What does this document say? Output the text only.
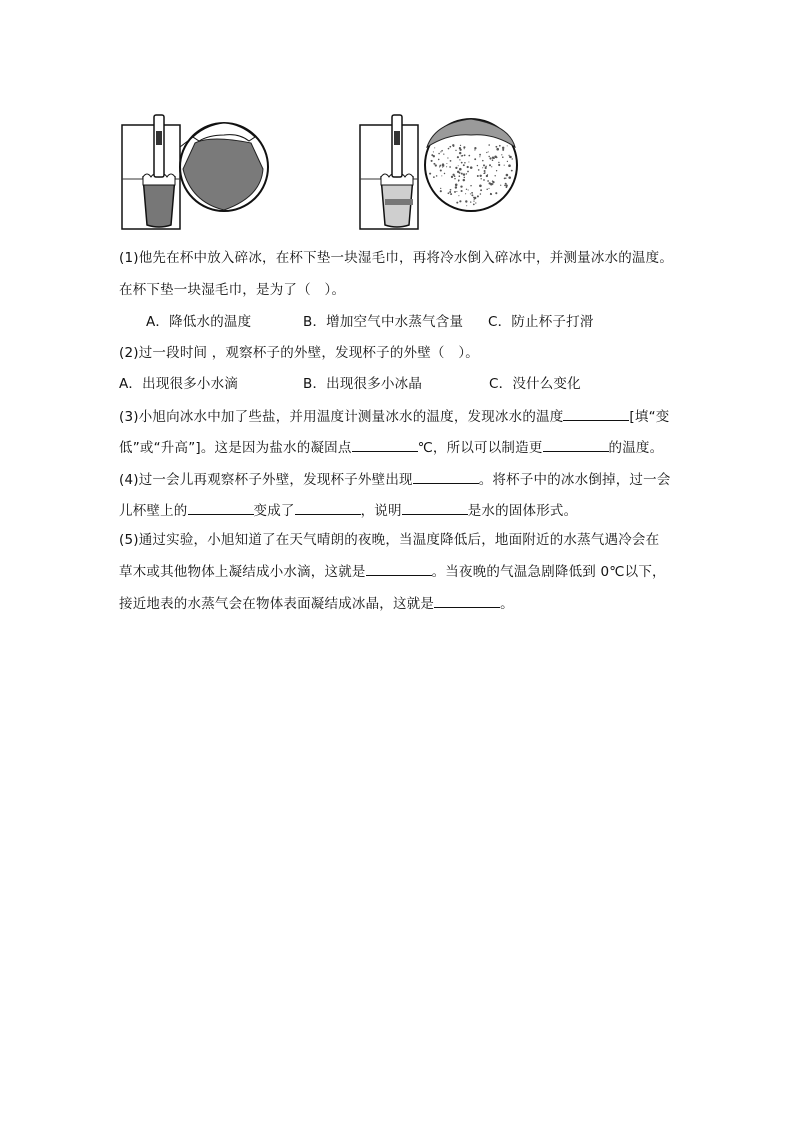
(1)他先在杯中放入碎冰，在杯下垫一块湿毛巾，再将冷水倒入碎冰中，并测量冰水的温度。
在杯下垫一块湿毛巾，是为了（　）。
A．降低水的温度	B．增加空气中水蒸气含量 C．防止杯子打滑
(2)过一段时间 ，观察杯子的外壁，发现杯子的外壁（　）。
A．出现很多小水滴	B．出现很多小冰晶	C．没什么变化
(3)小旭向冰水中加了些盐，并用温度计测量冰水的温度，发现冰水的温度	[填“变
低”或“升高”]。这是因为盐水的凝固点	℃，所以可以制造更	的温度。
(4)过一会儿再观察杯子外壁，发现杯子外壁出现	。将杯子中的冰水倒掉，过一会
儿杯壁上的	变成了	，说明	是水的固体形式。
(5)通过实验，小旭知道了在天气晴朗的夜晚，当温度降低后，地面附近的水蒸气遇冷会在
草木或其他物体上凝结成小水滴，这就是	。当夜晚的气温急剧降低到 0℃以下，
接近地表的水蒸气会在物体表面凝结成冰晶，这就是	。
